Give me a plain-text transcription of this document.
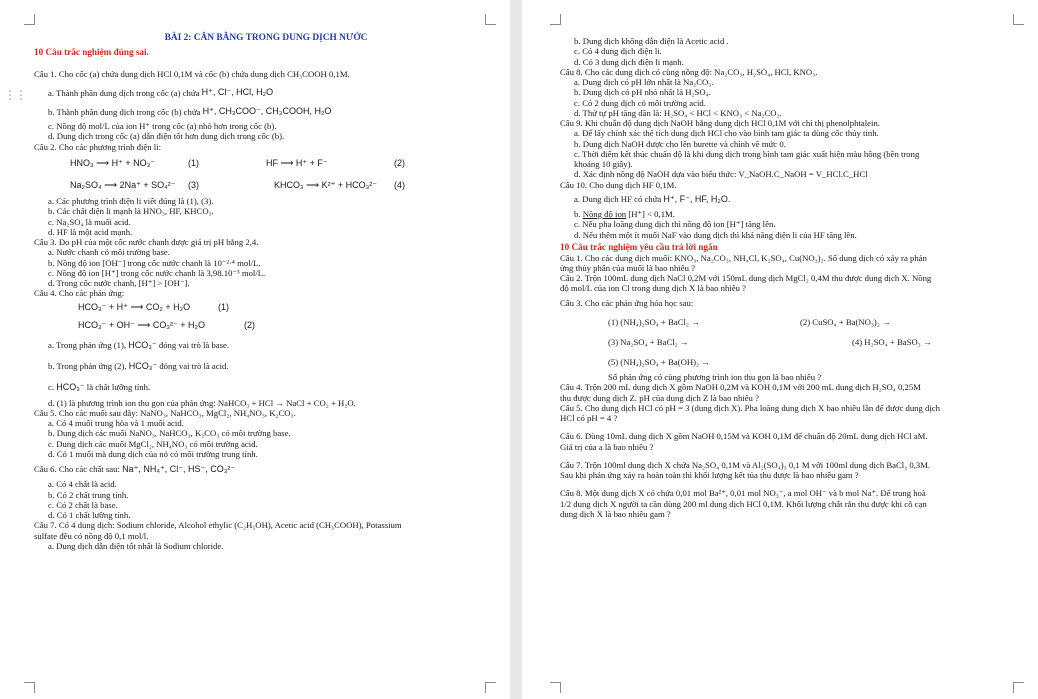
⋮⋮
BÀI 2: CÂN BẰNG TRONG DUNG DỊCH NƯỚC
10 Câu trắc nghiệm đúng sai.
Câu 1. Cho cốc (a) chứa dung dịch HCl 0,1M và cốc (b) chứa dung dịch CH₃COOH 0,1M.
a. Thành phần dung dịch trong cốc (a) chứa
H⁺, Cl⁻, HCl, H₂O
b. Thành phần dung dịch trong cốc (b) chứa
H⁺, CH₃COO⁻, CH₃COOH, H₂O
c. Nồng độ mol/L của ion H⁺ trong cốc (a) nhỏ hơn trong cốc (b).
d. Dung dịch trong cốc (a) dẫn điện tốt hơn dung dịch trong cốc (b).
Câu 2. Cho các phương trình điện li:
HNO₃ ⟶ H⁺ + NO₃⁻	(1)	HF ⟶ H⁺ + F⁻	(2)
Na₂SO₄ ⟶ 2Na⁺ + SO₄²⁻	(3)	KHCO₃ ⟶ K²⁺ + HCO₃²⁻	(4)
a. Các phương trình điện li viết đúng là (1), (3).
b. Các chất điện li mạnh là HNO₃, HF, KHCO₃.
c. Na₂SO₄ là muối acid.
d. HF là một acid mạnh.
Câu 3. Đo pH của một cốc nước chanh được giá trị pH bằng 2,4.
a. Nước chanh có môi trường base.
b. Nồng độ ion [OH⁻] trong cốc nước chanh là 10⁻²·⁴ mol/L.
c. Nồng độ ion [H⁺] trong cốc nước chanh là 3,98.10⁻³ mol/L.
d. Trong cốc nước chanh, [H⁺] > [OH⁻].
Câu 4. Cho các phản ứng:
HCO₃⁻ + H⁺ ⟶ CO₂ + H₂O	(1)
HCO₃⁻ + OH⁻ ⟶ CO₃²⁻ + H₂O	(2)
a. Trong phản ứng (1),
HCO₃⁻
đóng vai trò là base.
b. Trong phản ứng (2),
HCO₃⁻
đóng vai trò là acid.
c.
HCO₃⁻
là chất lưỡng tính.
d. (1) là phương trình ion thu gọn của phản ứng: NaHCO₃ + HCl → NaCl + CO₂ + H₂O.
Câu 5. Cho các muối sau đây: NaNO₃, NaHCO₃, MgCl₂, NH₄NO₃, K₂CO₃.
a. Có 4 muối trung hòa và 1 muối acid.
b. Dung dịch các muối NaNO₃, NaHCO₃, K₂CO₃ có môi trường base.
c. Dung dịch các muối MgCl₂, NH₄NO₃ có môi trường acid.
d. Có 1 muối mà dung dịch của nó có môi trường trung tính.
Câu 6. Cho các chất sau:
Na⁺, NH₄⁺, Cl⁻, HS⁻, CO₃²⁻
a. Có 4 chất là acid.
b. Có 2 chất trung tính.
c. Có 2 chất là base.
d. Có 1 chất lưỡng tính.
Câu 7. Có 4 dung dịch: Sodium chloride, Alcohol ethylic (C₂H₅OH), Acetic acid (CH₃COOH), Potassium
sulfate đều có nồng độ 0,1 mol/l.
a. Dung dịch dẫn điện tốt nhất là Sodium chloride.
b. Dung dịch không dẫn điện là Acetic acid .
c. Có 4 dung dịch điện li.
d. Có 3 dung dịch điện li mạnh.
Câu 8. Cho các dung dịch có cùng nồng độ: Na₂CO₃, H₂SO₄, HCl, KNO₃.
a. Dung dịch có pH lớn nhất là Na₂CO₃.
b. Dung dịch có pH nhỏ nhất là H₂SO₄.
c. Có 2 dung dịch có môi trường acid.
d. Thứ tự pH tăng dần là: H₂SO₄ < HCl < KNO₃ < Na₂CO₃.
Câu 9. Khi chuẩn độ dung dịch NaOH bằng dung dịch HCl 0,1M với chỉ thị phenolphtalein.
a. Để lấy chính xác thể tích dung dịch HCl cho vào bình tam giác ta dùng cốc thủy tinh.
b. Dung dịch NaOH được cho lên burette và chỉnh về mức 0.
c. Thời điểm kết thúc chuẩn độ là khi dung dịch trong bình tam giác xuất hiện màu hồng (bền trong
khoảng 10 giây).
d. Xác định nồng độ NaOH dựa vào biểu thức: V_NaOH.C_NaOH = V_HCl.C_HCl
Câu 10. Cho dung dịch HF 0,1M.
a. Dung dịch HF có chứa
H⁺, F⁻, HF, H₂O.
b. Nồng độ ion [H⁺] < 0,1M.
c. Nếu pha loãng dung dịch thì nồng độ ion [H⁺] tăng lên.
d. Nếu thêm một ít muối NaF vào dung dịch thì khả năng điện li của HF tăng lên.
10 Câu trắc nghiệm yêu cầu trả lời ngắn
Câu 1. Cho các dung dịch muối: KNO₃, Na₂CO₃, NH₄Cl, K₂SO₄, Cu(NO₃)₂. Số dung dịch có xảy ra phản
ứng thủy phân của muối là bao nhiêu ?
Câu 2. Trộn 100mL dung dịch NaCl 0,2M với 150mL dung dịch MgCl₂ 0,4M thu được dung dịch X. Nồng
độ mol/L của ion Cl trong dung dịch X là bao nhiêu ?
Câu 3. Cho các phản ứng hóa học sau:
(1) (NH₄)₂SO₄ + BaCl₂ →	(2) CuSO₄ + Ba(NO₃)₂ →
(3) Na₂SO₄ + BaCl₂ →	(4) H₂SO₄ + BaSO₃ →
(5) (NH₄)₂SO₄ + Ba(OH)₂ →
Số phản ứng có cùng phương trình ion thu gọn là bao nhiêu ?
Câu 4. Trộn 200 mL dung dịch X gồm NaOH 0,2M và KOH 0,1M với 200 mL dung dịch H₂SO₄ 0,25M
thu được dung dịch Z. pH của dung dịch Z là bao nhiêu ?
Câu 5. Cho dung dịch HCl có pH = 3 (dung dịch X). Pha loãng dung dịch X bao nhiêu lần để được dung dịch
HCl có pH = 4 ?
Câu 6. Dùng 10mL dung dịch X gồm NaOH 0,15M và KOH 0,1M để chuẩn độ 20mL dung dịch HCl aM.
Giá trị của a là bao nhiêu ?
Câu 7. Trộn 100ml dung dịch X chứa Na₂SO₄ 0,1M và Al₂(SO₄)₃ 0,1 M với 100ml dung dịch BaCl₂ 0,3M.
Sau khi phản ứng xảy ra hoàn toàn thì khối lượng kết tủa thu được là bao nhiêu gam ?
Câu 8. Một dung dịch X có chứa 0,01 mol Ba²⁺, 0,01 mol NO₃⁻, a mol OH⁻ và b mol Na⁺. Để trung hoà
1/2 dung dịch X người ta cần dùng 200 ml dung dịch HCl 0,1M. Khối lượng chất rắn thu được khi cô cạn
dung dịch X là bao nhiêu gam ?
